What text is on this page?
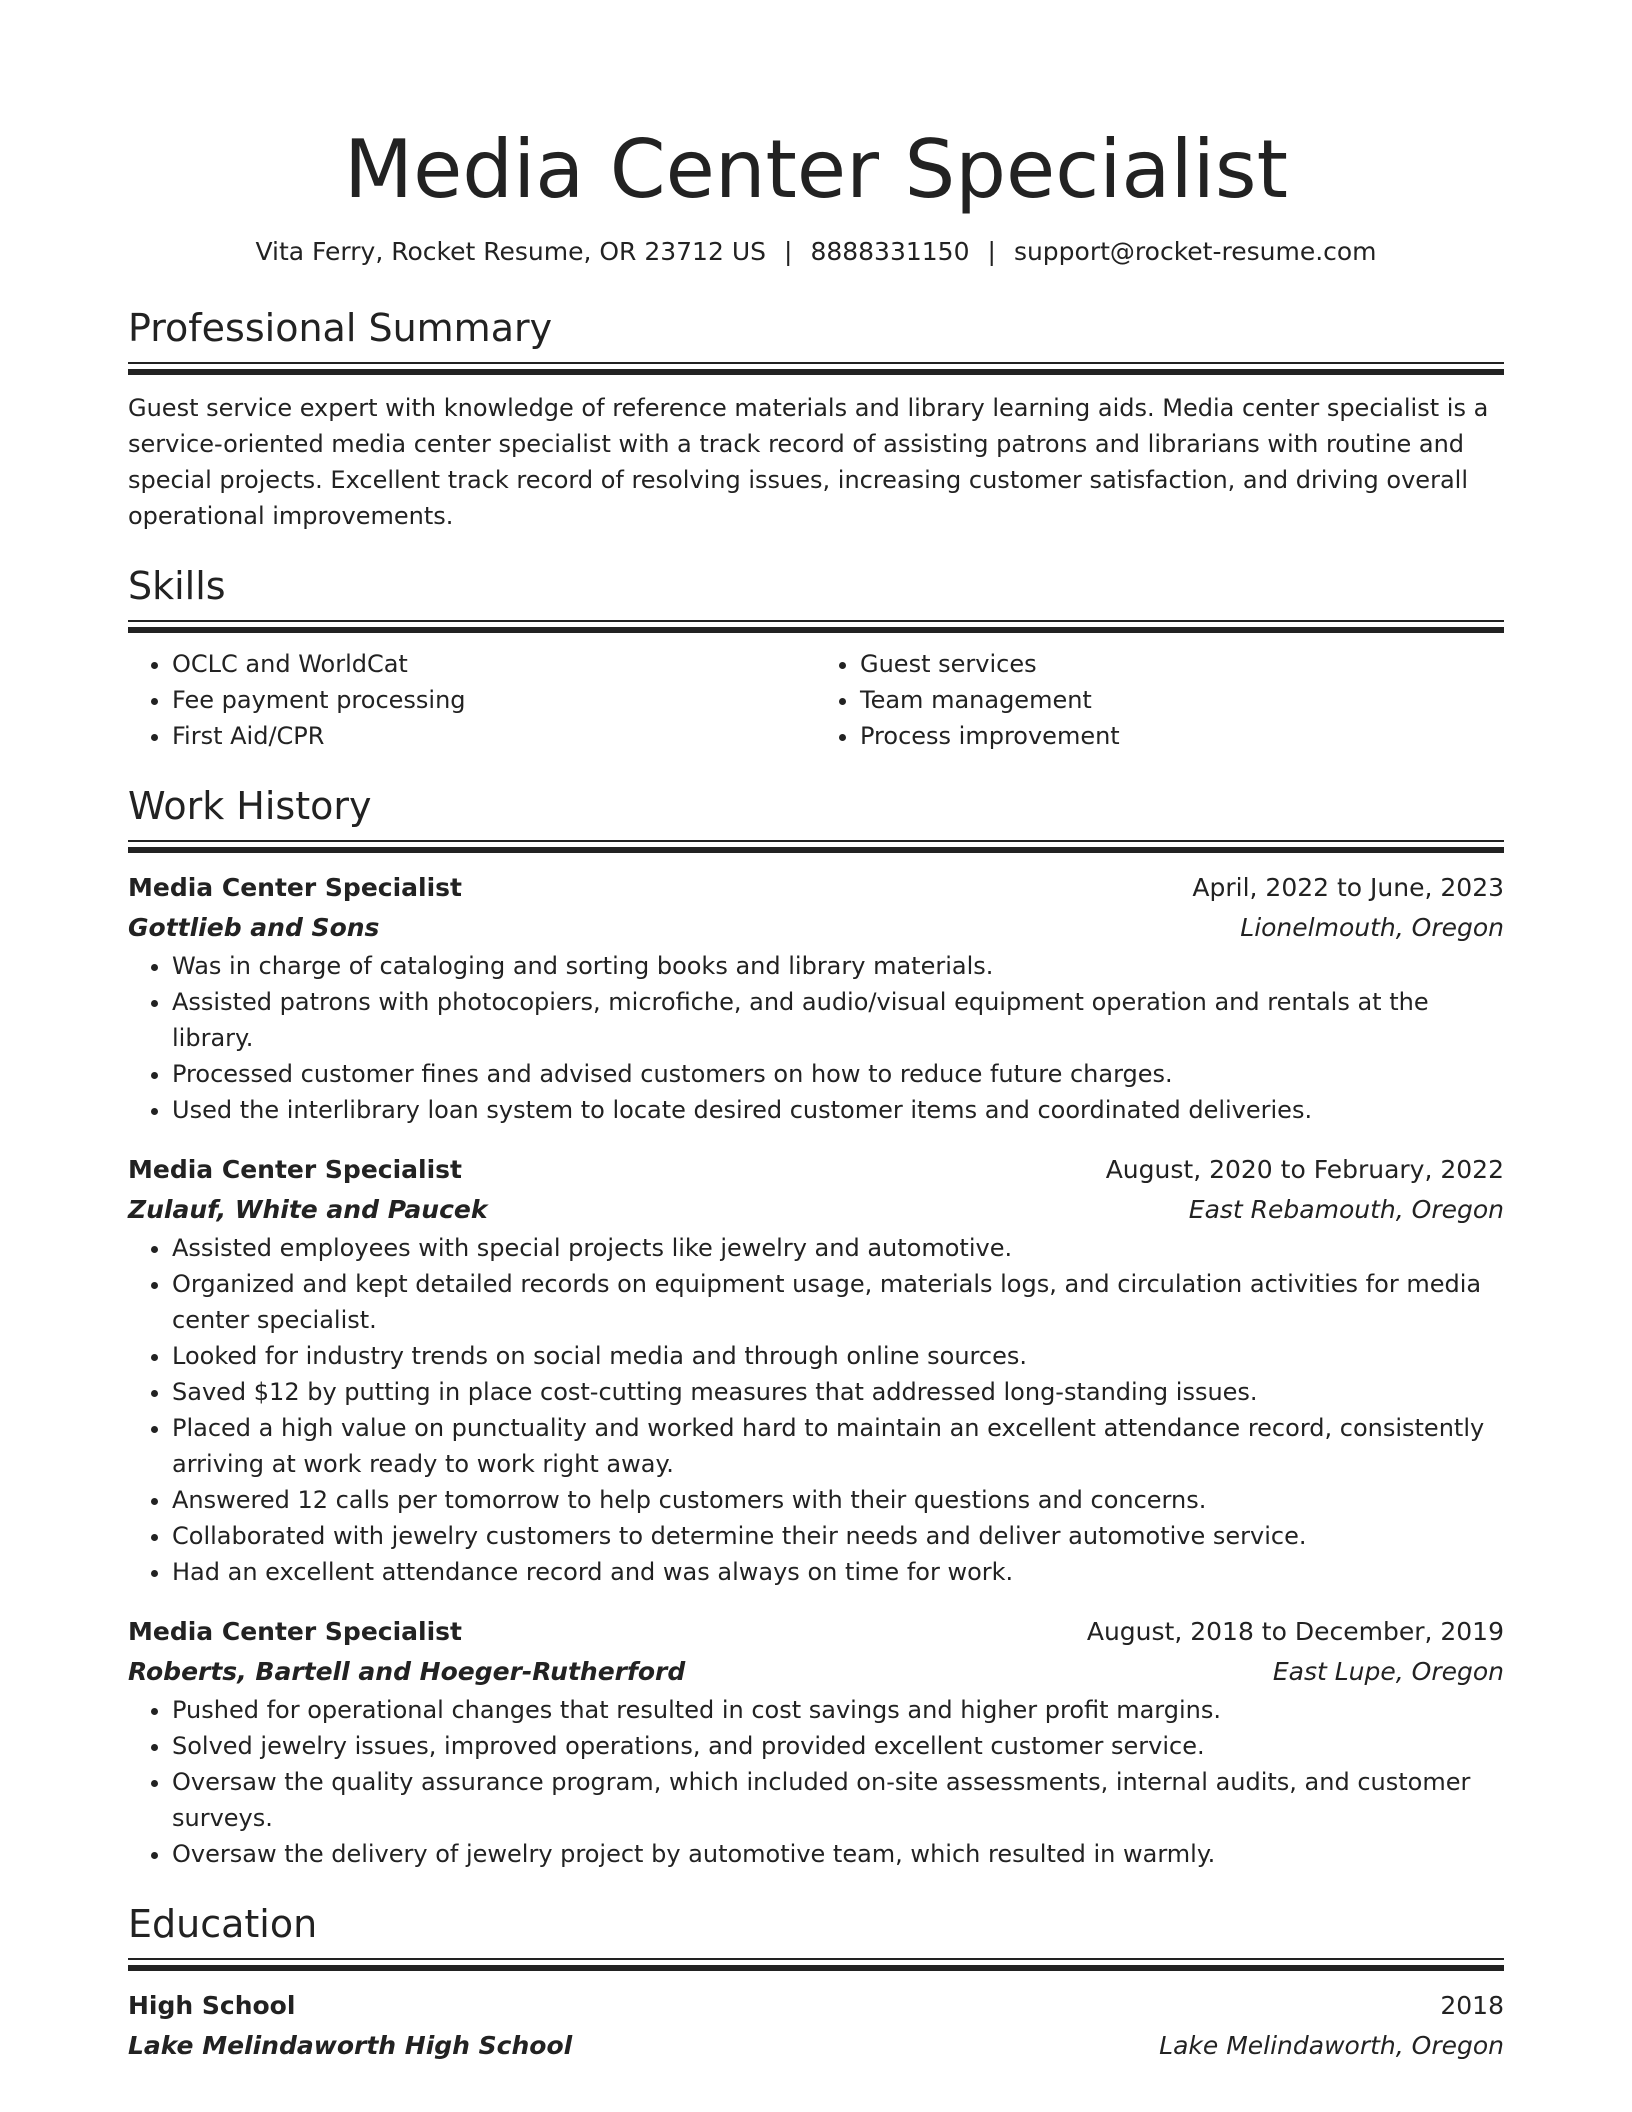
Media Center Specialist
Vita Ferry, Rocket Resume, OR 23712 US | 8888331150 | support@rocket-resume.com
Professional Summary

Guest service expert with knowledge of reference materials and library learning aids. Media center specialist is a service-oriented media center specialist with a track record of assisting patrons and librarians with routine and special projects. Excellent track record of resolving issues, increasing customer satisfaction, and driving overall operational improvements.

Skills
• OCLC and WorldCat
• Fee payment processing
• First Aid/CPR
• Guest services
• Team management
• Process improvement
Work History
Media Center Specialist	April, 2022 to June, 2023
Gottlieb and Sons	Lionelmouth, Oregon
• Was in charge of cataloging and sorting books and library materials.
• Assisted patrons with photocopiers, microfiche, and audio/visual equipment operation and rentals at the library.
• Processed customer fines and advised customers on how to reduce future charges.
• Used the interlibrary loan system to locate desired customer items and coordinated deliveries.
Media Center Specialist	August, 2020 to February, 2022
Zulauf, White and Paucek	East Rebamouth, Oregon
• Assisted employees with special projects like jewelry and automotive.
• Organized and kept detailed records on equipment usage, materials logs, and circulation activities for media center specialist.
• Looked for industry trends on social media and through online sources.
• Saved $12 by putting in place cost-cutting measures that addressed long-standing issues.
• Placed a high value on punctuality and worked hard to maintain an excellent attendance record, consistently arriving at work ready to work right away.
• Answered 12 calls per tomorrow to help customers with their questions and concerns.
• Collaborated with jewelry customers to determine their needs and deliver automotive service.
• Had an excellent attendance record and was always on time for work.
Media Center Specialist	August, 2018 to December, 2019
Roberts, Bartell and Hoeger-Rutherford	East Lupe, Oregon
• Pushed for operational changes that resulted in cost savings and higher profit margins.
• Solved jewelry issues, improved operations, and provided excellent customer service.
• Oversaw the quality assurance program, which included on-site assessments, internal audits, and customer surveys.
• Oversaw the delivery of jewelry project by automotive team, which resulted in warmly.
Education
High School	2018
Lake Melindaworth High School	Lake Melindaworth, Oregon
